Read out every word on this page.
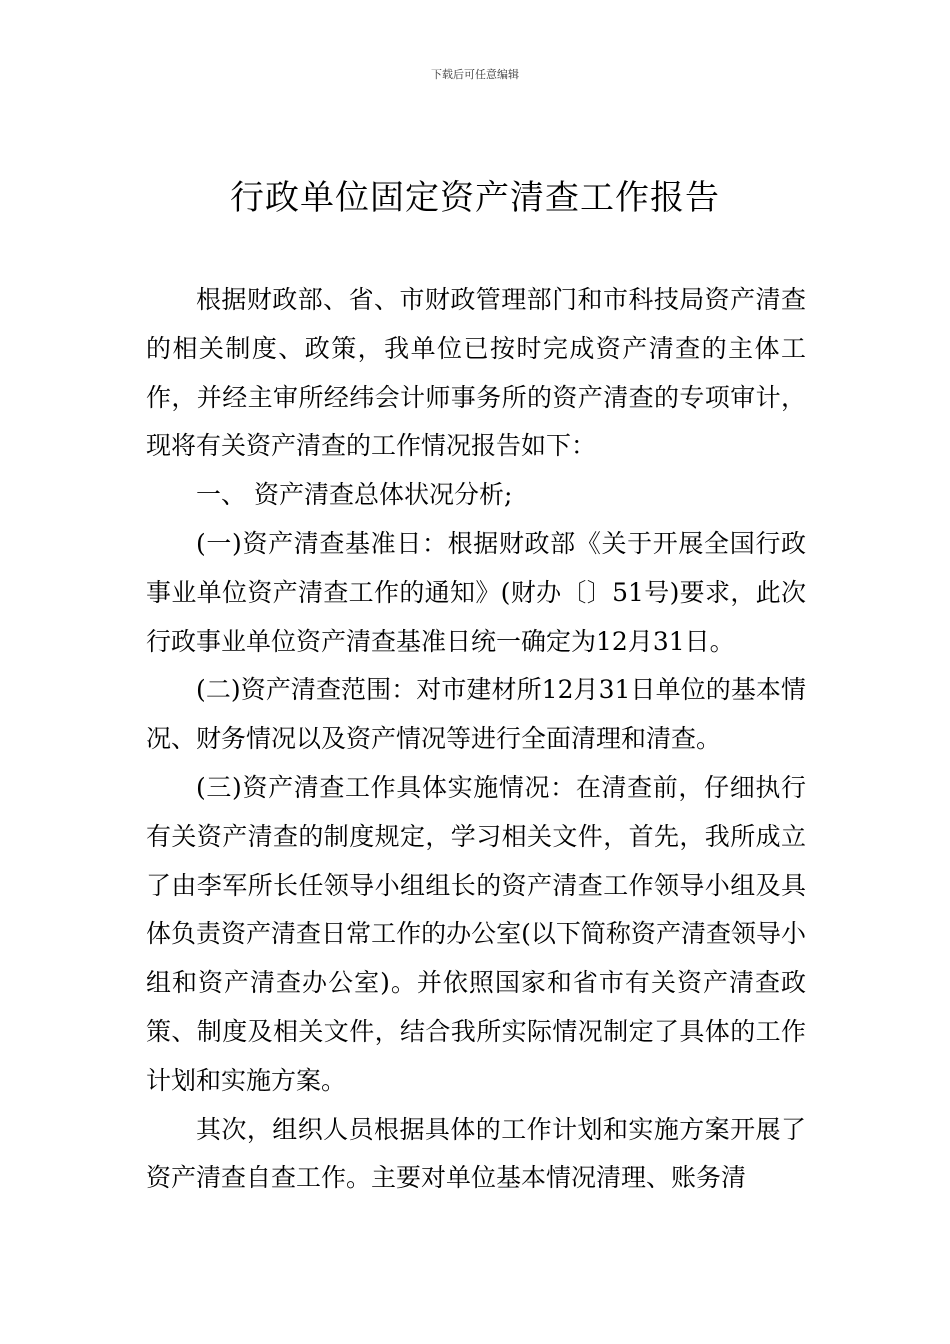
下载后可任意编辑
行政单位固定资产清查工作报告

根据财政部、省、市财政管理部门和市科技局资产清查的相关制度、政策，我单位已按时完成资产清查的主体工作，并经主审所经纬会计师事务所的资产清查的专项审计，现将有关资产清查的工作情况报告如下：

一、 资产清查总体状况分析;

(一)资产清查基准日：根据财政部《关于开展全国行政事业单位资产清查工作的通知》(财办〔〕51号)要求，此次行政事业单位资产清查基准日统一确定为12月31日。

(二)资产清查范围：对市建材所12月31日单位的基本情况、财务情况以及资产情况等进行全面清理和清查。

(三)资产清查工作具体实施情况：在清查前，仔细执行有关资产清查的制度规定，学习相关文件，首先，我所成立了由李军所长任领导小组组长的资产清查工作领导小组及具体负责资产清查日常工作的办公室(以下简称资产清查领导小组和资产清查办公室)。并依照国家和省市有关资产清查政策、制度及相关文件，结合我所实际情况制定了具体的工作计划和实施方案。

其次，组织人员根据具体的工作计划和实施方案开展了资产清查自查工作。主要对单位基本情况清理、账务清
